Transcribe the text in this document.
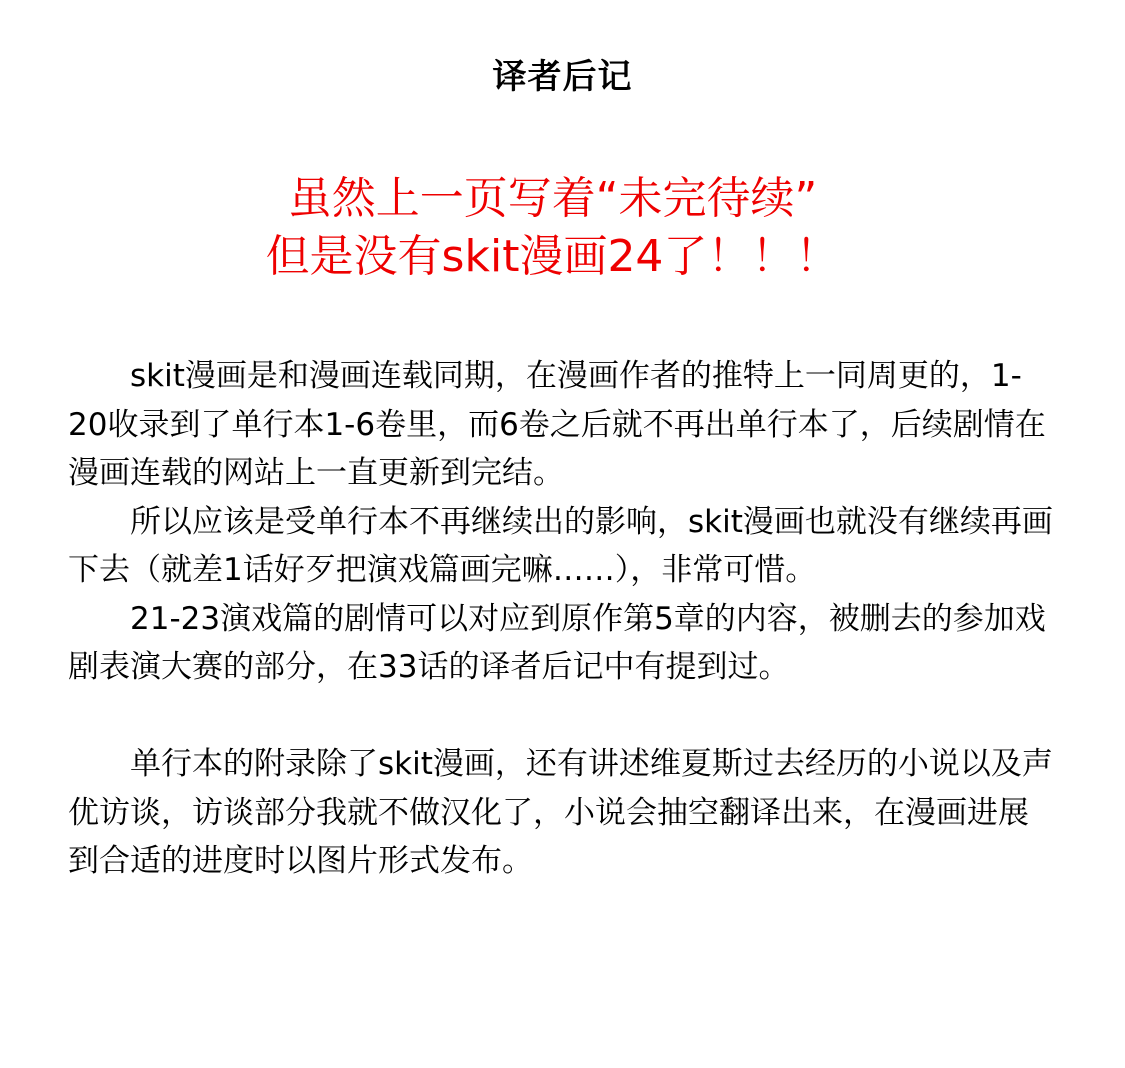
译者后记
虽然上一页写着“未完待续”
但是没有skit漫画24了！！！

skit漫画是和漫画连载同期，在漫画作者的推特上一同周更的，1-20收录到了单行本1-6卷里，而6卷之后就不再出单行本了，后续剧情在漫画连载的网站上一直更新到完结。

所以应该是受单行本不再继续出的影响，skit漫画也就没有继续再画下去（就差1话好歹把演戏篇画完嘛……），非常可惜。

21-23演戏篇的剧情可以对应到原作第5章的内容，被删去的参加戏剧表演大赛的部分，在33话的译者后记中有提到过。

单行本的附录除了skit漫画，还有讲述维夏斯过去经历的小说以及声优访谈，访谈部分我就不做汉化了，小说会抽空翻译出来，在漫画进展到合适的进度时以图片形式发布。
